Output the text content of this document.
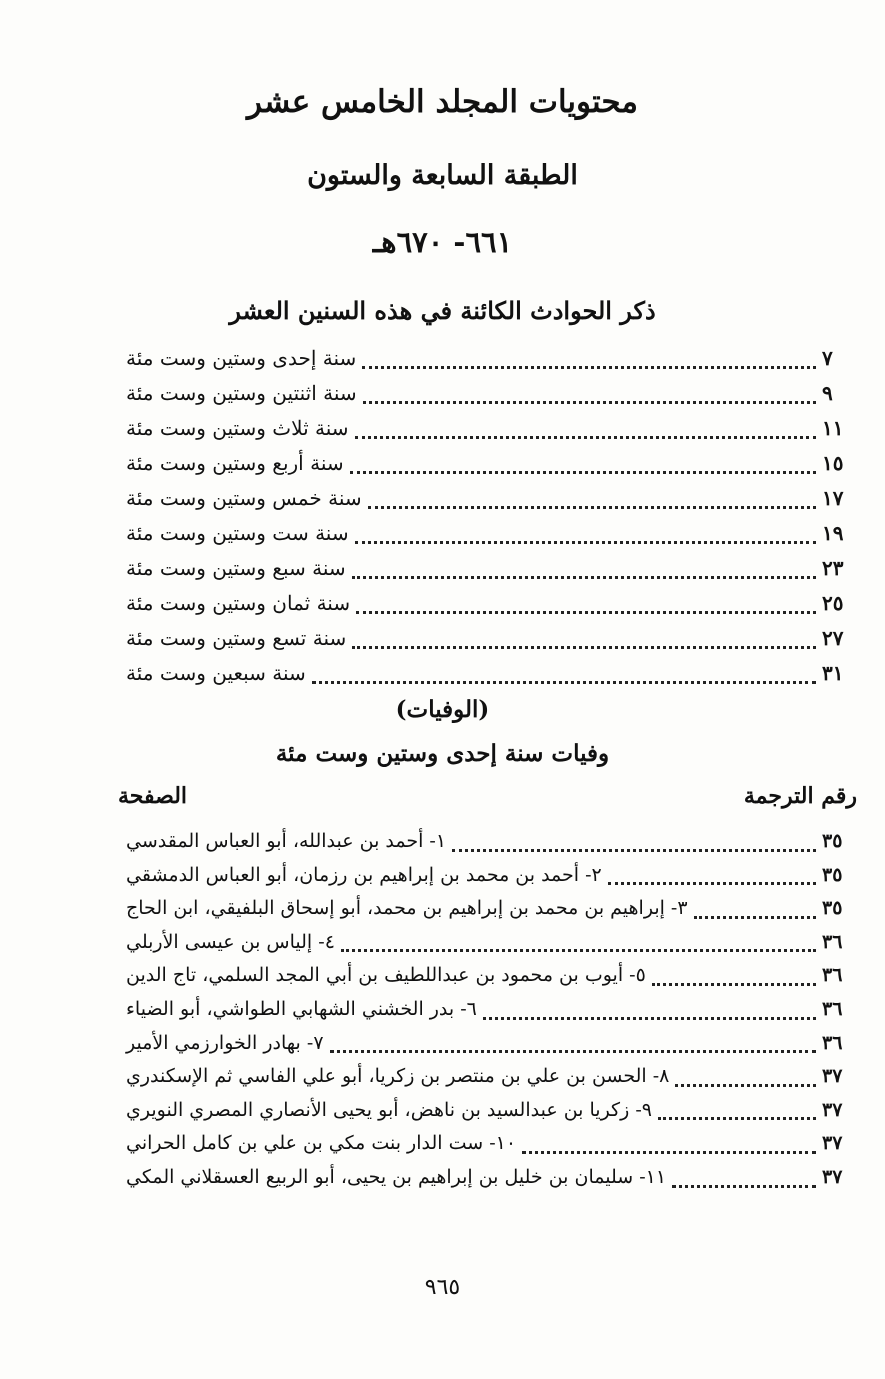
محتويات المجلد الخامس عشر
الطبقة السابعة والستون
٦٦١- ٦٧٠هـ
ذكر الحوادث الكائنة في هذه السنين العشر
سنة إحدى وستين وست مئة	٧
سنة اثنتين وستين وست مئة	٩
سنة ثلاث وستين وست مئة	١١
سنة أربع وستين وست مئة	١٥
سنة خمس وستين وست مئة	١٧
سنة ست وستين وست مئة	١٩
سنة سبع وستين وست مئة	٢٣
سنة ثمان وستين وست مئة	٢٥
سنة تسع وستين وست مئة	٢٧
سنة سبعين وست مئة	٣١
(الوفيات)
وفيات سنة إحدى وستين وست مئة
رقم الترجمة
الصفحة
١- أحمد بن عبدالله، أبو العباس المقدسي	٣٥
٢- أحمد بن محمد بن إبراهيم بن رزمان، أبو العباس الدمشقي	٣٥
٣- إبراهيم بن محمد بن إبراهيم بن محمد، أبو إسحاق البلفيقي، ابن الحاج	٣٥
٤- إلياس بن عيسى الأربلي	٣٦
٥- أيوب بن محمود بن عبداللطيف بن أبي المجد السلمي، تاج الدين	٣٦
٦- بدر الخشني الشهابي الطواشي، أبو الضياء	٣٦
٧- بهادر الخوارزمي الأمير	٣٦
٨- الحسن بن علي بن منتصر بن زكريا، أبو علي الفاسي ثم الإسكندري	٣٧
٩- زكريا بن عبدالسيد بن ناهض، أبو يحيى الأنصاري المصري النويري	٣٧
١٠- ست الدار بنت مكي بن علي بن كامل الحراني	٣٧
١١- سليمان بن خليل بن إبراهيم بن يحيى، أبو الربيع العسقلاني المكي	٣٧
٩٦٥
